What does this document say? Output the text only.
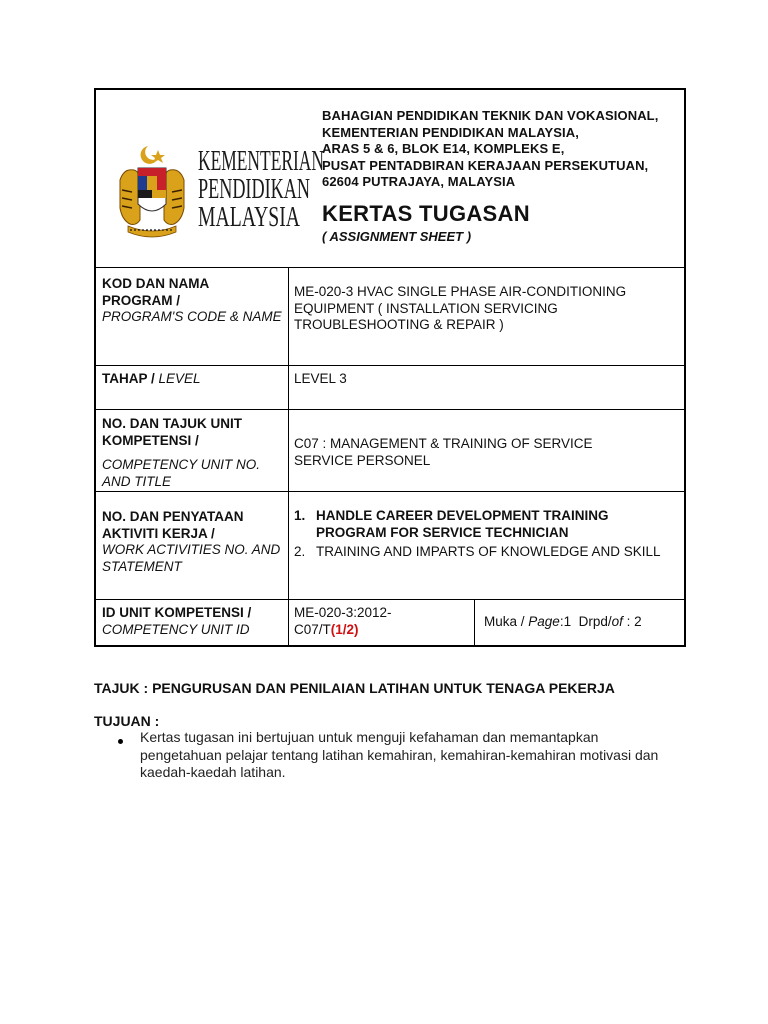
KEMENTERIAN
PENDIDIKAN
MALAYSIA
BAHAGIAN PENDIDIKAN TEKNIK DAN VOKASIONAL,
KEMENTERIAN PENDIDIKAN MALAYSIA,
ARAS 5 & 6, BLOK E14, KOMPLEKS E,
PUSAT PENTADBIRAN KERAJAAN PERSEKUTUAN,
62604 PUTRAJAYA, MALAYSIA
KERTAS TUGASAN
( ASSIGNMENT SHEET )
KOD DAN NAMA PROGRAM /
PROGRAM'S CODE & NAME
ME-020-3 HVAC SINGLE PHASE AIR-CONDITIONING EQUIPMENT ( INSTALLATION SERVICING TROUBLESHOOTING & REPAIR )
TAHAP / LEVEL	LEVEL 3
NO. DAN TAJUK UNIT KOMPETENSI /
COMPETENCY UNIT NO. AND TITLE
C07 : MANAGEMENT & TRAINING OF SERVICE SERVICE PERSONEL
NO. DAN PENYATAAN AKTIVITI KERJA /
WORK ACTIVITIES NO. AND STATEMENT
1. HANDLE CAREER DEVELOPMENT TRAINING PROGRAM FOR SERVICE TECHNICIAN
2. TRAINING AND IMPARTS OF KNOWLEDGE AND SKILL
ID UNIT KOMPETENSI /
COMPETENCY UNIT ID
ME-020-3:2012-C07/T(1/2)	Muka / Page:1 Drpd/of : 2
TAJUK : PENGURUSAN DAN PENILAIAN LATIHAN UNTUK TENAGA PEKERJA
TUJUAN :
Kertas tugasan ini bertujuan untuk menguji kefahaman dan memantapkan pengetahuan pelajar tentang latihan kemahiran, kemahiran-kemahiran motivasi dan kaedah-kaedah latihan.
